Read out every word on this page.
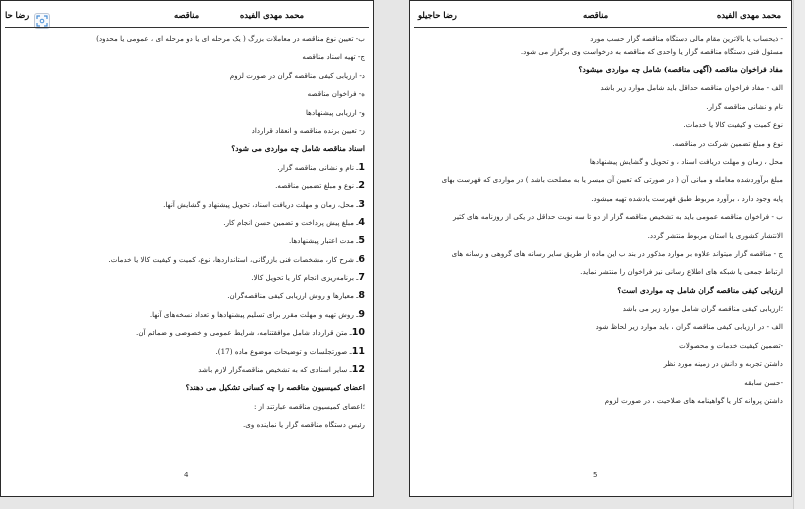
محمد مهدی الفیده
مناقصه
رضا حا
ب- تعیین نوع مناقصه در معاملات بزرگ ( یک مرحله ای یا دو مرحله ای ، عمومی یا محدود)
ج- تهیه اسناد مناقصه
د- ارزیابی کیفی مناقصه گران در صورت لزوم
ه- فراخوان مناقصه
و- ارزیابی پیشنهادها
ز- تعیین برنده مناقصه و انعقاد قرارداد
اسناد مناقصه شامل چه مواردی می شود؟
1ـ نام و نشانی مناقصه گزار.
2ـ نوع و مبلغ تضمین مناقصه.
3ـ محل، زمان و مهلت دریافت اسناد، تحویل پیشنهاد و گشایش آنها.
4ـ مبلغ پیش پرداخت و تضمین حسن انجام کار.
5ـ مدت اعتبار پیشنهادها.
6ـ شرح کار، مشخصات فنی بازرگانی، استانداردها، نوع، کمیت و کیفیت کالا یا خدمات.
7ـ برنامه‌ریزی انجام کار یا تحویل کالا.
8ـ معیارها و روش ارزیابی کیفی مناقصه‌گران.
9ـ روش تهیه و مهلت مقرر برای تسلیم پیشنهادها و تعداد نسخه‌های آنها.
10ـ متن قرارداد شامل موافقتنامه، شرایط عمومی و خصوصی و ضمائم آن.
11ـ صورتجلسات و توضیحات موضوع ماده (17).
12ـ سایر اسنادی که به تشخیص مناقصه‌گزار لازم باشد
اعضای کمیسیون مناقصه را چه کسانی تشکیل می دهند؟
؛اعضای کمیسیون مناقصه عبارتند از :
رئیس دستگاه مناقصه گزار یا نماینده وی.
4
محمد مهدی الفیده
مناقصه
رضا حاجیلو
- ذیحساب یا بالاترین مقام مالی دستگاه مناقصه گزار حسب مورد
مسئول فنی دستگاه مناقصه گزار یا واحدی که مناقصه به درخواست وی برگزار می شود.
مفاد فراخوان مناقصه (آگهی مناقصه) شامل چه مواردی میشود؟
الف - مفاد فراخوان مناقصه حداقل باید شامل موارد زیر باشد
نام و نشانی مناقصه گزار.
نوع کمیت و کیفیت کالا یا خدمات.
نوع و مبلغ تضمین شرکت در مناقصه.
محل ، زمان و مهلت دریافت اسناد ، و تحویل و گشایش پیشنهادها
مبلغ برآوردشده معامله و مبانی آن ( در صورتی که تعیین آن میسر یا به مصلحت باشد ) در مواردی که فهرست بهای
پایه وجود دارد ، برآورد مربوط طبق فهرست یادشده تهیه میشود.
ب - فراخوان مناقصه عمومی باید به تشخیص مناقصه گزار از دو تا سه نوبت حداقل در یکی از روزنامه های کثیر
الانتشار کشوری یا استان مربوط منتشر گردد.
ج - مناقصه گزار میتواند علاوه بر موارد مذکور در بند ب این ماده از طریق سایر رسانه های گروهی و رسانه های
ارتباط جمعی یا شبکه های اطلاع رسانی نیز فراخوان را منتشر نماید.
ارزیابی کیفی مناقصه گران شامل چه مواردی است؟
؛ارزیابی کیفی مناقصه گران شامل موارد زیر می باشد
الف - در ارزیابی کیفی مناقصه گران ، باید موارد زیر لحاظ شود
-تضمین کیفیت خدمات و محصولات
داشتن تجربه و دانش در زمینه مورد نظر
-حسن سابقه
داشتن پروانه کار یا گواهینامه های صلاحیت ، در صورت لزوم
5
